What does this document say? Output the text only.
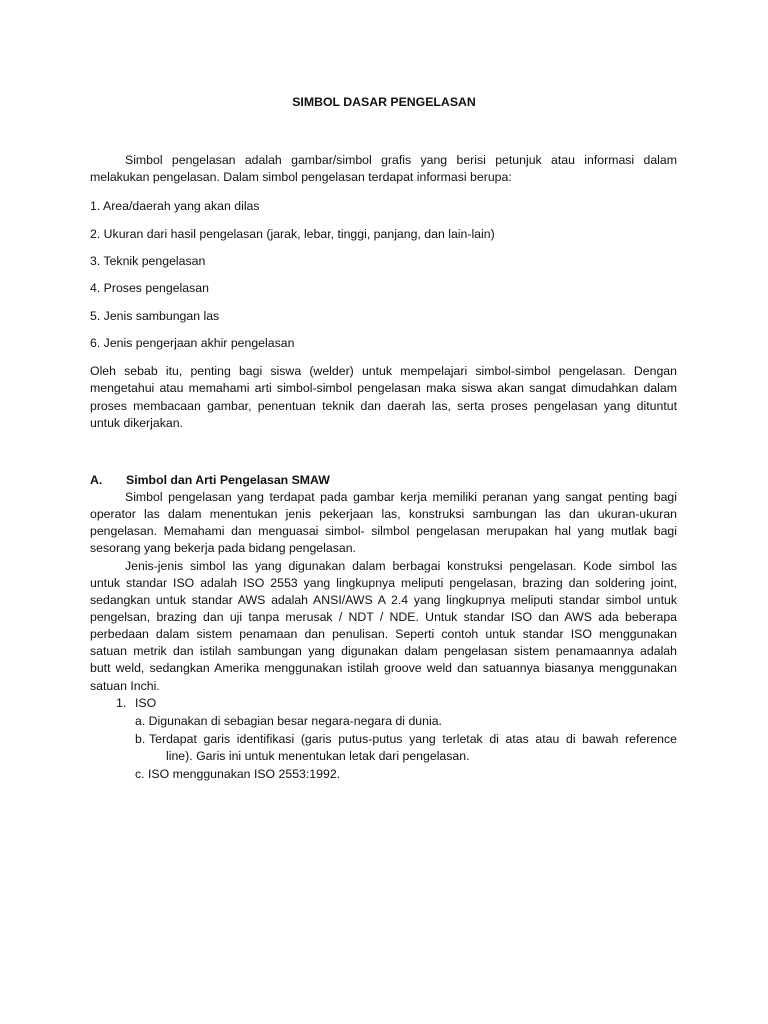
SIMBOL DASAR PENGELASAN
Simbol pengelasan adalah gambar/simbol grafis yang berisi petunjuk atau informasi dalam
melakukan pengelasan. Dalam simbol pengelasan terdapat informasi berupa:
1. Area/daerah yang akan dilas
2. Ukuran dari hasil pengelasan (jarak, lebar, tinggi, panjang, dan lain-lain)
3. Teknik pengelasan
4. Proses pengelasan
5. Jenis sambungan las
6. Jenis pengerjaan akhir pengelasan
Oleh sebab itu, penting bagi siswa (welder) untuk mempelajari simbol-simbol pengelasan. Dengan
mengetahui atau memahami arti simbol-simbol pengelasan maka siswa akan sangat dimudahkan dalam
proses membacaan gambar, penentuan teknik dan daerah las, serta proses pengelasan yang dituntut
untuk dikerjakan.
A. Simbol dan Arti Pengelasan SMAW
Simbol pengelasan yang terdapat pada gambar kerja memiliki peranan yang sangat penting bagi
operator las dalam menentukan jenis pekerjaan las, konstruksi sambungan las dan ukuran-ukuran
pengelasan. Memahami dan menguasai simbol- silmbol pengelasan merupakan hal yang mutlak bagi
sesorang yang bekerja pada bidang pengelasan.
Jenis-jenis simbol las yang digunakan dalam berbagai konstruksi pengelasan. Kode simbol las
untuk standar ISO adalah ISO 2553 yang lingkupnya meliputi pengelasan, brazing dan soldering joint,
sedangkan untuk standar AWS adalah ANSI/AWS A 2.4 yang lingkupnya meliputi standar simbol untuk
pengelsan, brazing dan uji tanpa merusak / NDT / NDE. Untuk standar ISO dan AWS ada beberapa
perbedaan dalam sistem penamaan dan penulisan. Seperti contoh untuk standar ISO menggunakan
satuan metrik dan istilah sambungan yang digunakan dalam pengelasan sistem penamaannya adalah
butt weld, sedangkan Amerika menggunakan istilah groove weld dan satuannya biasanya menggunakan
satuan Inchi.
1. ISO
a. Digunakan di sebagian besar negara-negara di dunia.
b. Terdapat garis identifikasi (garis putus-putus yang terletak di atas atau di bawah reference
line). Garis ini untuk menentukan letak dari pengelasan.
c. ISO menggunakan ISO 2553:1992.
